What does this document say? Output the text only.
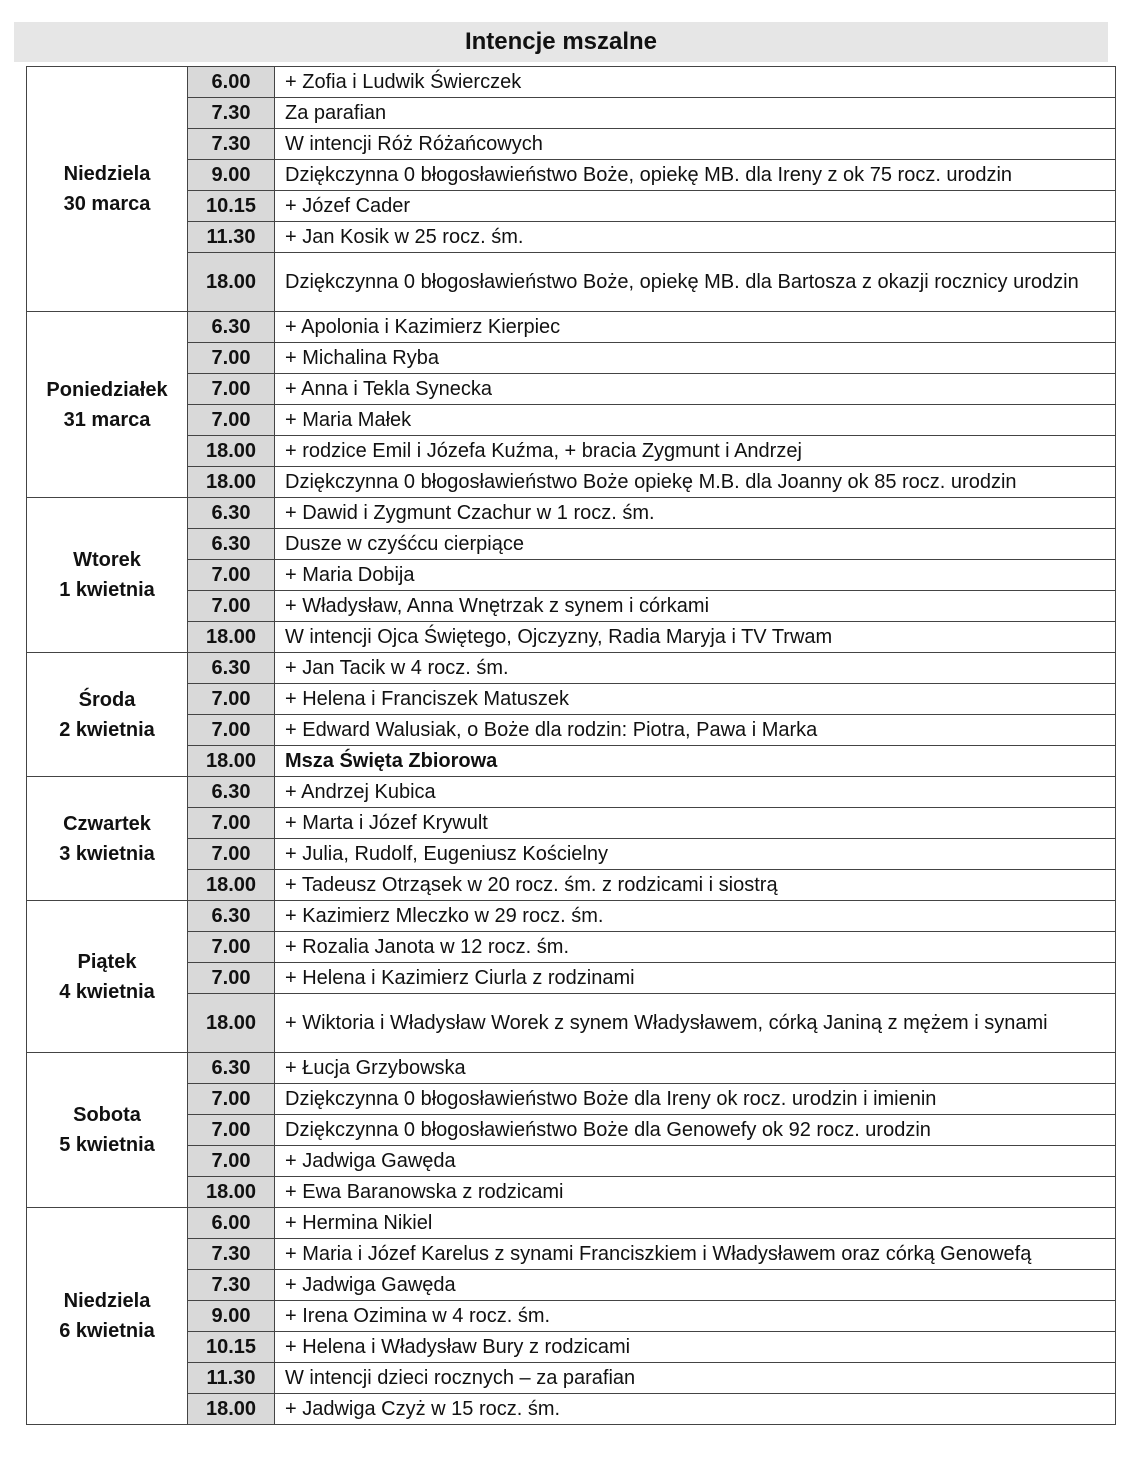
Intencje mszalne
Niedziela
30 marca	6.00	+ Zofia i Ludwik Świerczek
	7.30	Za parafian
	7.30	W intencji Róż Różańcowych
	9.00	Dziękczynna 0 błogosławieństwo Boże, opiekę MB. dla Ireny z ok 75 rocz. urodzin
	10.15	+ Józef Cader
	11.30	+ Jan Kosik w 25 rocz. śm.
	18.00	Dziękczynna 0 błogosławieństwo Boże, opiekę MB. dla Bartosza z okazji rocznicy urodzin

Poniedziałek
31 marca	6.30	+ Apolonia i Kazimierz Kierpiec
	7.00	+ Michalina Ryba
	7.00	+ Anna i Tekla Synecka
	7.00	+ Maria Małek
	18.00	+ rodzice Emil i Józefa Kuźma, + bracia Zygmunt i Andrzej
	18.00	Dziękczynna 0 błogosławieństwo Boże opiekę M.B. dla Joanny ok 85 rocz. urodzin

Wtorek
1 kwietnia	6.30	+ Dawid i Zygmunt Czachur w 1 rocz. śm.
	6.30	Dusze w czyśćcu cierpiące
	7.00	+ Maria Dobija
	7.00	+ Władysław, Anna Wnętrzak z synem i córkami
	18.00	W intencji Ojca Świętego, Ojczyzny, Radia Maryja i TV Trwam

Środa
2 kwietnia	6.30	+ Jan Tacik w 4 rocz. śm.
	7.00	+ Helena i Franciszek Matuszek
	7.00	+ Edward Walusiak, o Boże dla rodzin: Piotra, Pawa i Marka
	18.00	Msza Święta Zbiorowa

Czwartek
3 kwietnia	6.30	+ Andrzej Kubica
	7.00	+ Marta i Józef Krywult
	7.00	+ Julia, Rudolf, Eugeniusz Kościelny
	18.00	+ Tadeusz Otrząsek w 20 rocz. śm. z rodzicami i siostrą

Piątek
4 kwietnia	6.30	+ Kazimierz Mleczko w 29 rocz. śm.
	7.00	+ Rozalia Janota w 12 rocz. śm.
	7.00	+ Helena i Kazimierz Ciurla z rodzinami
	18.00	+ Wiktoria i Władysław Worek z synem Władysławem, córką Janiną z mężem i synami

Sobota
5 kwietnia	6.30	+ Łucja Grzybowska
	7.00	Dziękczynna 0 błogosławieństwo Boże dla Ireny ok rocz. urodzin i imienin
	7.00	Dziękczynna 0 błogosławieństwo Boże dla Genowefy ok 92 rocz. urodzin
	7.00	+ Jadwiga Gawęda
	18.00	+ Ewa Baranowska z rodzicami

Niedziela
6 kwietnia	6.00	+ Hermina Nikiel
	7.30	+ Maria i Józef Karelus z synami Franciszkiem i Władysławem oraz córką Genowefą
	7.30	+ Jadwiga Gawęda
	9.00	+ Irena Ozimina w 4 rocz. śm.
	10.15	+ Helena i Władysław Bury z rodzicami
	11.30	W intencji dzieci rocznych – za parafian
	18.00	+ Jadwiga Czyż w 15 rocz. śm.
